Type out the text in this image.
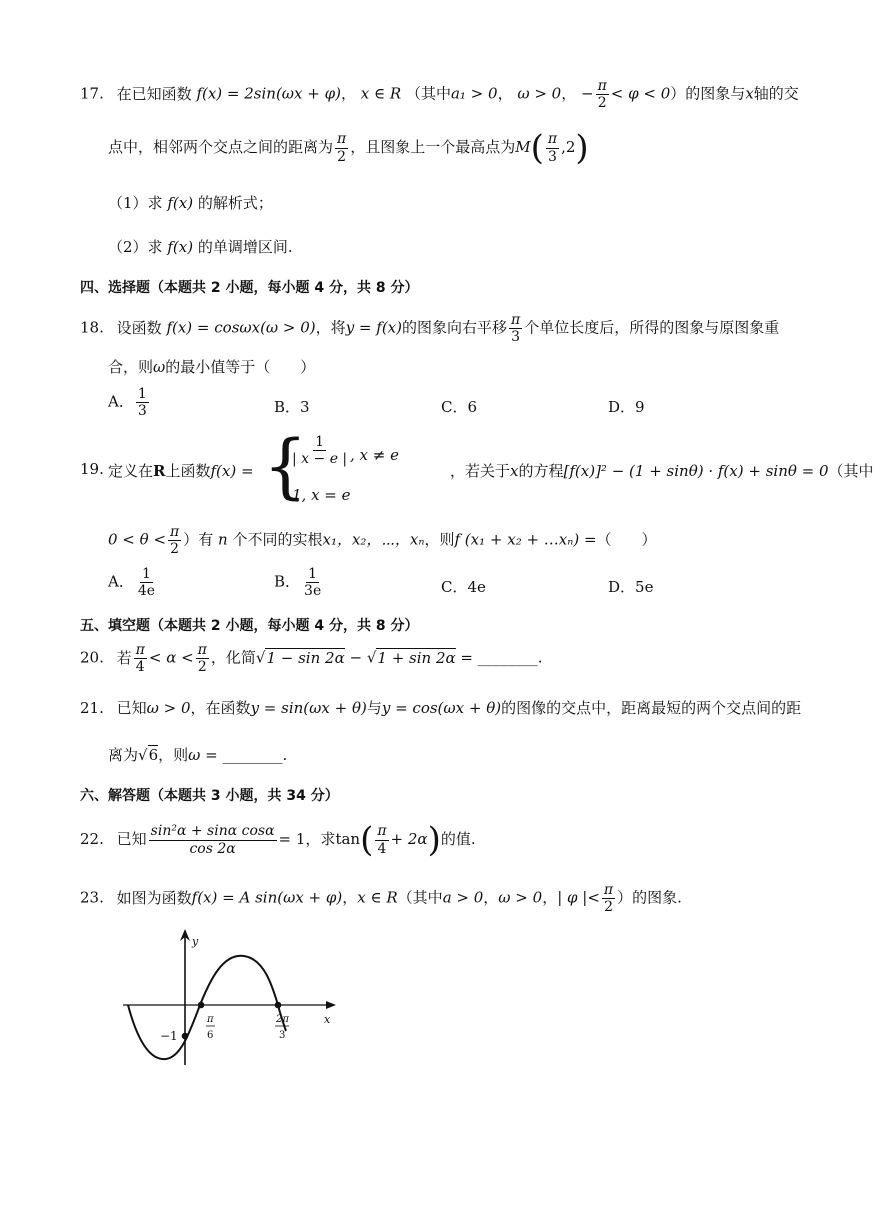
17. 在已知函数 f(x) = 2sin(ωx + φ)， x ∈ R （其中a₁ > 0， ω > 0， − $\frac{\pi}{2} < \varphi < 0$）的图象与x轴的交
点中，相邻两个交点之间的距离为 $\frac{\pi}{2}$ ，且图象上一个最高点为$M( \frac{\pi}{3} ,2)$
（1）求 f(x) 的解析式；
（2）求 f(x) 的单调增区间.
四、选择题（本题共 2 小题，每小题 4 分，共 8 分）
18. 设函数 f(x) = cosωx(ω > 0)，将y = f(x)的图象向右平移 $\frac{\pi}{3}$ 个单位长度后，所得的图象与原图象重
合，则ω的最小值等于（　　）
A． $\frac{1}{3}$	B．3	C．6	D．9
19. 定义在R上函数f(x) = {
$\frac{1}{| x - e |}$ , x ≠ e
1, x = e
，若关于x的方程[f(x)]² − (1 + sinθ) · f(x) + sinθ = 0（其中
$0 < \theta < \frac{\pi}{2}$ ）有 n 个不同的实根x₁，x₂，⋯，xₙ，则f (x₁ + x₂ + …xₙ) =（　　）
A． $\frac{1}{4e}$	B． $\frac{1}{3e}$	C．4e	D．5e
五、填空题（本题共 2 小题，每小题 4 分，共 8 分）
20. 若 $\frac{\pi}{4} < \alpha < \frac{\pi}{2}$ ，化简√1 − sin 2α − √1 + sin 2α = ________.
21. 已知ω > 0，在函数y = sin(ωx + θ)与y = cos(ωx + θ)的图像的交点中，距离最短的两个交点间的距
离为√6，则ω = ________.
六、解答题（本题共 3 小题，共 34 分）
22. 已知 $\frac{\text{sin²α + sinα cosα}}{\cos 2\alpha} = 1$，求$\tan( \frac{\pi}{4} + 2\alpha)$的值.
23. 如图为函数f(x) = A sin(ωx + φ)，x ∈ R（其中a > 0，ω > 0，| φ |< $\frac{\pi}{2}$ ）的图象.
y
x
−1
π
6
2π
3
